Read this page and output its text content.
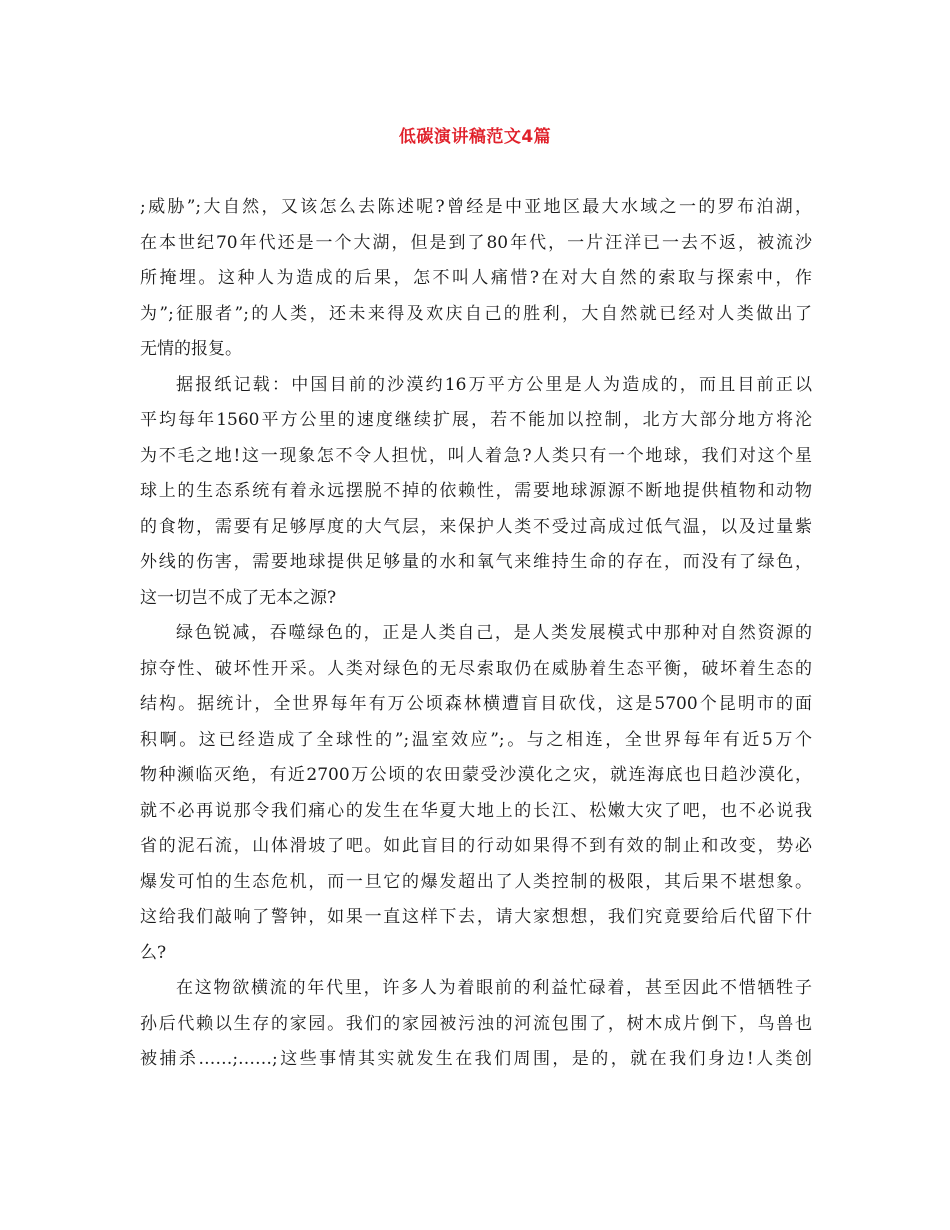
低碳演讲稿范文4篇
;威胁”;大自然，又该怎么去陈述呢?曾经是中亚地区最大水域之一的罗布泊湖，
在本世纪70年代还是一个大湖，但是到了80年代，一片汪洋已一去不返，被流沙
所掩埋。这种人为造成的后果，怎不叫人痛惜?在对大自然的索取与探索中，作
为”;征服者”;的人类，还未来得及欢庆自己的胜利，大自然就已经对人类做出了
无情的报复。
据报纸记载：中国目前的沙漠约16万平方公里是人为造成的，而且目前正以
平均每年1560平方公里的速度继续扩展，若不能加以控制，北方大部分地方将沦
为不毛之地!这一现象怎不令人担忧，叫人着急?人类只有一个地球，我们对这个星
球上的生态系统有着永远摆脱不掉的依赖性，需要地球源源不断地提供植物和动物
的食物，需要有足够厚度的大气层，来保护人类不受过高成过低气温，以及过量紫
外线的伤害，需要地球提供足够量的水和氧气来维持生命的存在，而没有了绿色，
这一切岂不成了无本之源?
绿色锐减，吞噬绿色的，正是人类自己，是人类发展模式中那种对自然资源的
掠夺性、破坏性开采。人类对绿色的无尽索取仍在威胁着生态平衡，破坏着生态的
结构。据统计，全世界每年有万公顷森林横遭盲目砍伐，这是5700个昆明市的面
积啊。这已经造成了全球性的”;温室效应”;。与之相连，全世界每年有近5万个
物种濒临灭绝，有近2700万公顷的农田蒙受沙漠化之灾，就连海底也日趋沙漠化，
就不必再说那令我们痛心的发生在华夏大地上的长江、松嫩大灾了吧，也不必说我
省的泥石流，山体滑坡了吧。如此盲目的行动如果得不到有效的制止和改变，势必
爆发可怕的生态危机，而一旦它的爆发超出了人类控制的极限，其后果不堪想象。
这给我们敲响了警钟，如果一直这样下去，请大家想想，我们究竟要给后代留下什
么?
在这物欲横流的年代里，许多人为着眼前的利益忙碌着，甚至因此不惜牺牲子
孙后代赖以生存的家园。我们的家园被污浊的河流包围了，树木成片倒下，鸟兽也
被捕杀……;……;这些事情其实就发生在我们周围，是的，就在我们身边!人类创
